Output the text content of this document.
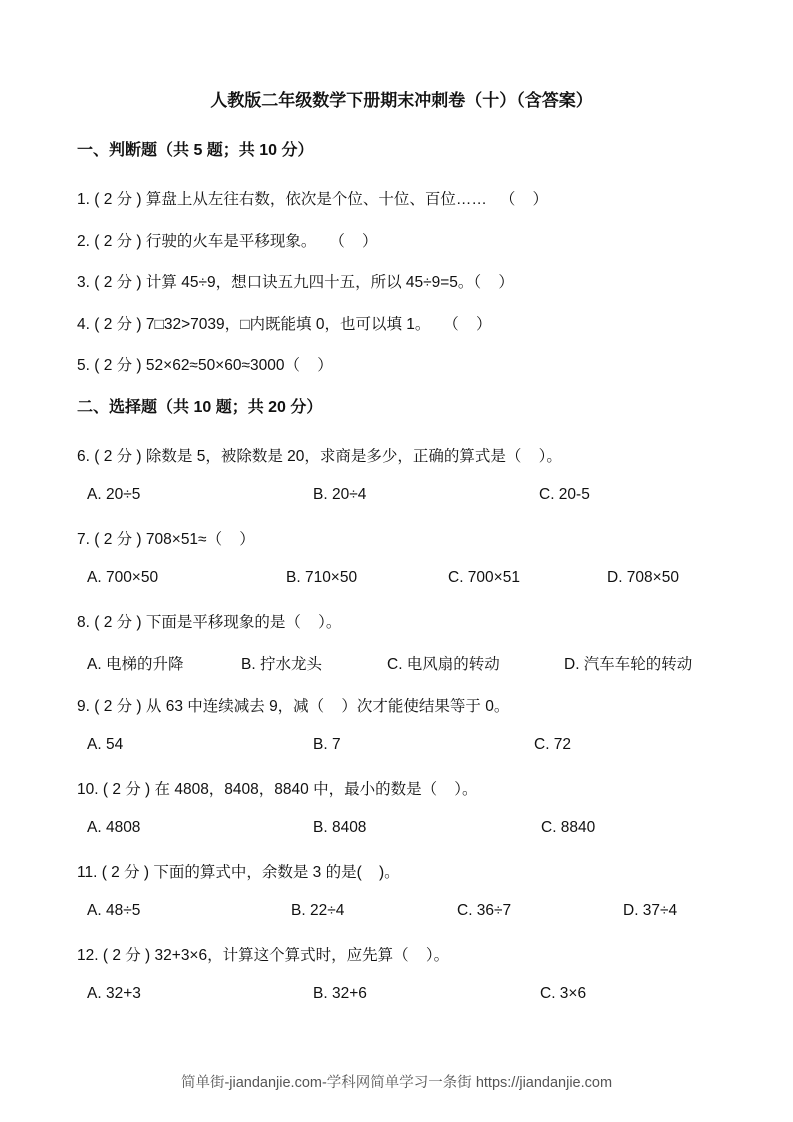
人教版二年级数学下册期末冲刺卷（十）（含答案）
一、判断题（共 5 题；共 10 分）
1. ( 2 分 ) 算盘上从左往右数，依次是个位、十位、百位……   （    ）
2. ( 2 分 ) 行驶的火车是平移现象。   （    ）
3. ( 2 分 ) 计算 45÷9，想口诀五九四十五，所以 45÷9=5。（    ）
4. ( 2 分 ) 7□32>7039，□内既能填 0，也可以填 1。   （    ）
5. ( 2 分 ) 52×62≈50×60≈3000（    ）
二、选择题（共 10 题；共 20 分）
6. ( 2 分 ) 除数是 5，被除数是 20，求商是多少，正确的算式是（    ）。
A. 20÷5	B. 20÷4	C. 20-5
7. ( 2 分 ) 708×51≈（    ）
A. 700×50	B. 710×50	C. 700×51	D. 708×50
8. ( 2 分 ) 下面是平移现象的是（    ）。
A. 电梯的升降	B. 拧水龙头	C. 电风扇的转动	D. 汽车车轮的转动
9. ( 2 分 ) 从 63 中连续减去 9，减（    ）次才能使结果等于 0。
A. 54	B. 7	C. 72
10. ( 2 分 ) 在 4808，8408，8840 中，最小的数是（    ）。
A. 4808	B. 8408	C. 8840
11. ( 2 分 ) 下面的算式中，余数是 3 的是(    )。
A. 48÷5	B. 22÷4	C. 36÷7	D. 37÷4
12. ( 2 分 ) 32+3×6，计算这个算式时，应先算（    ）。
A. 32+3	B. 32+6	C. 3×6
简单街-jiandanjie.com-学科网简单学习一条街 https://jiandanjie.com
